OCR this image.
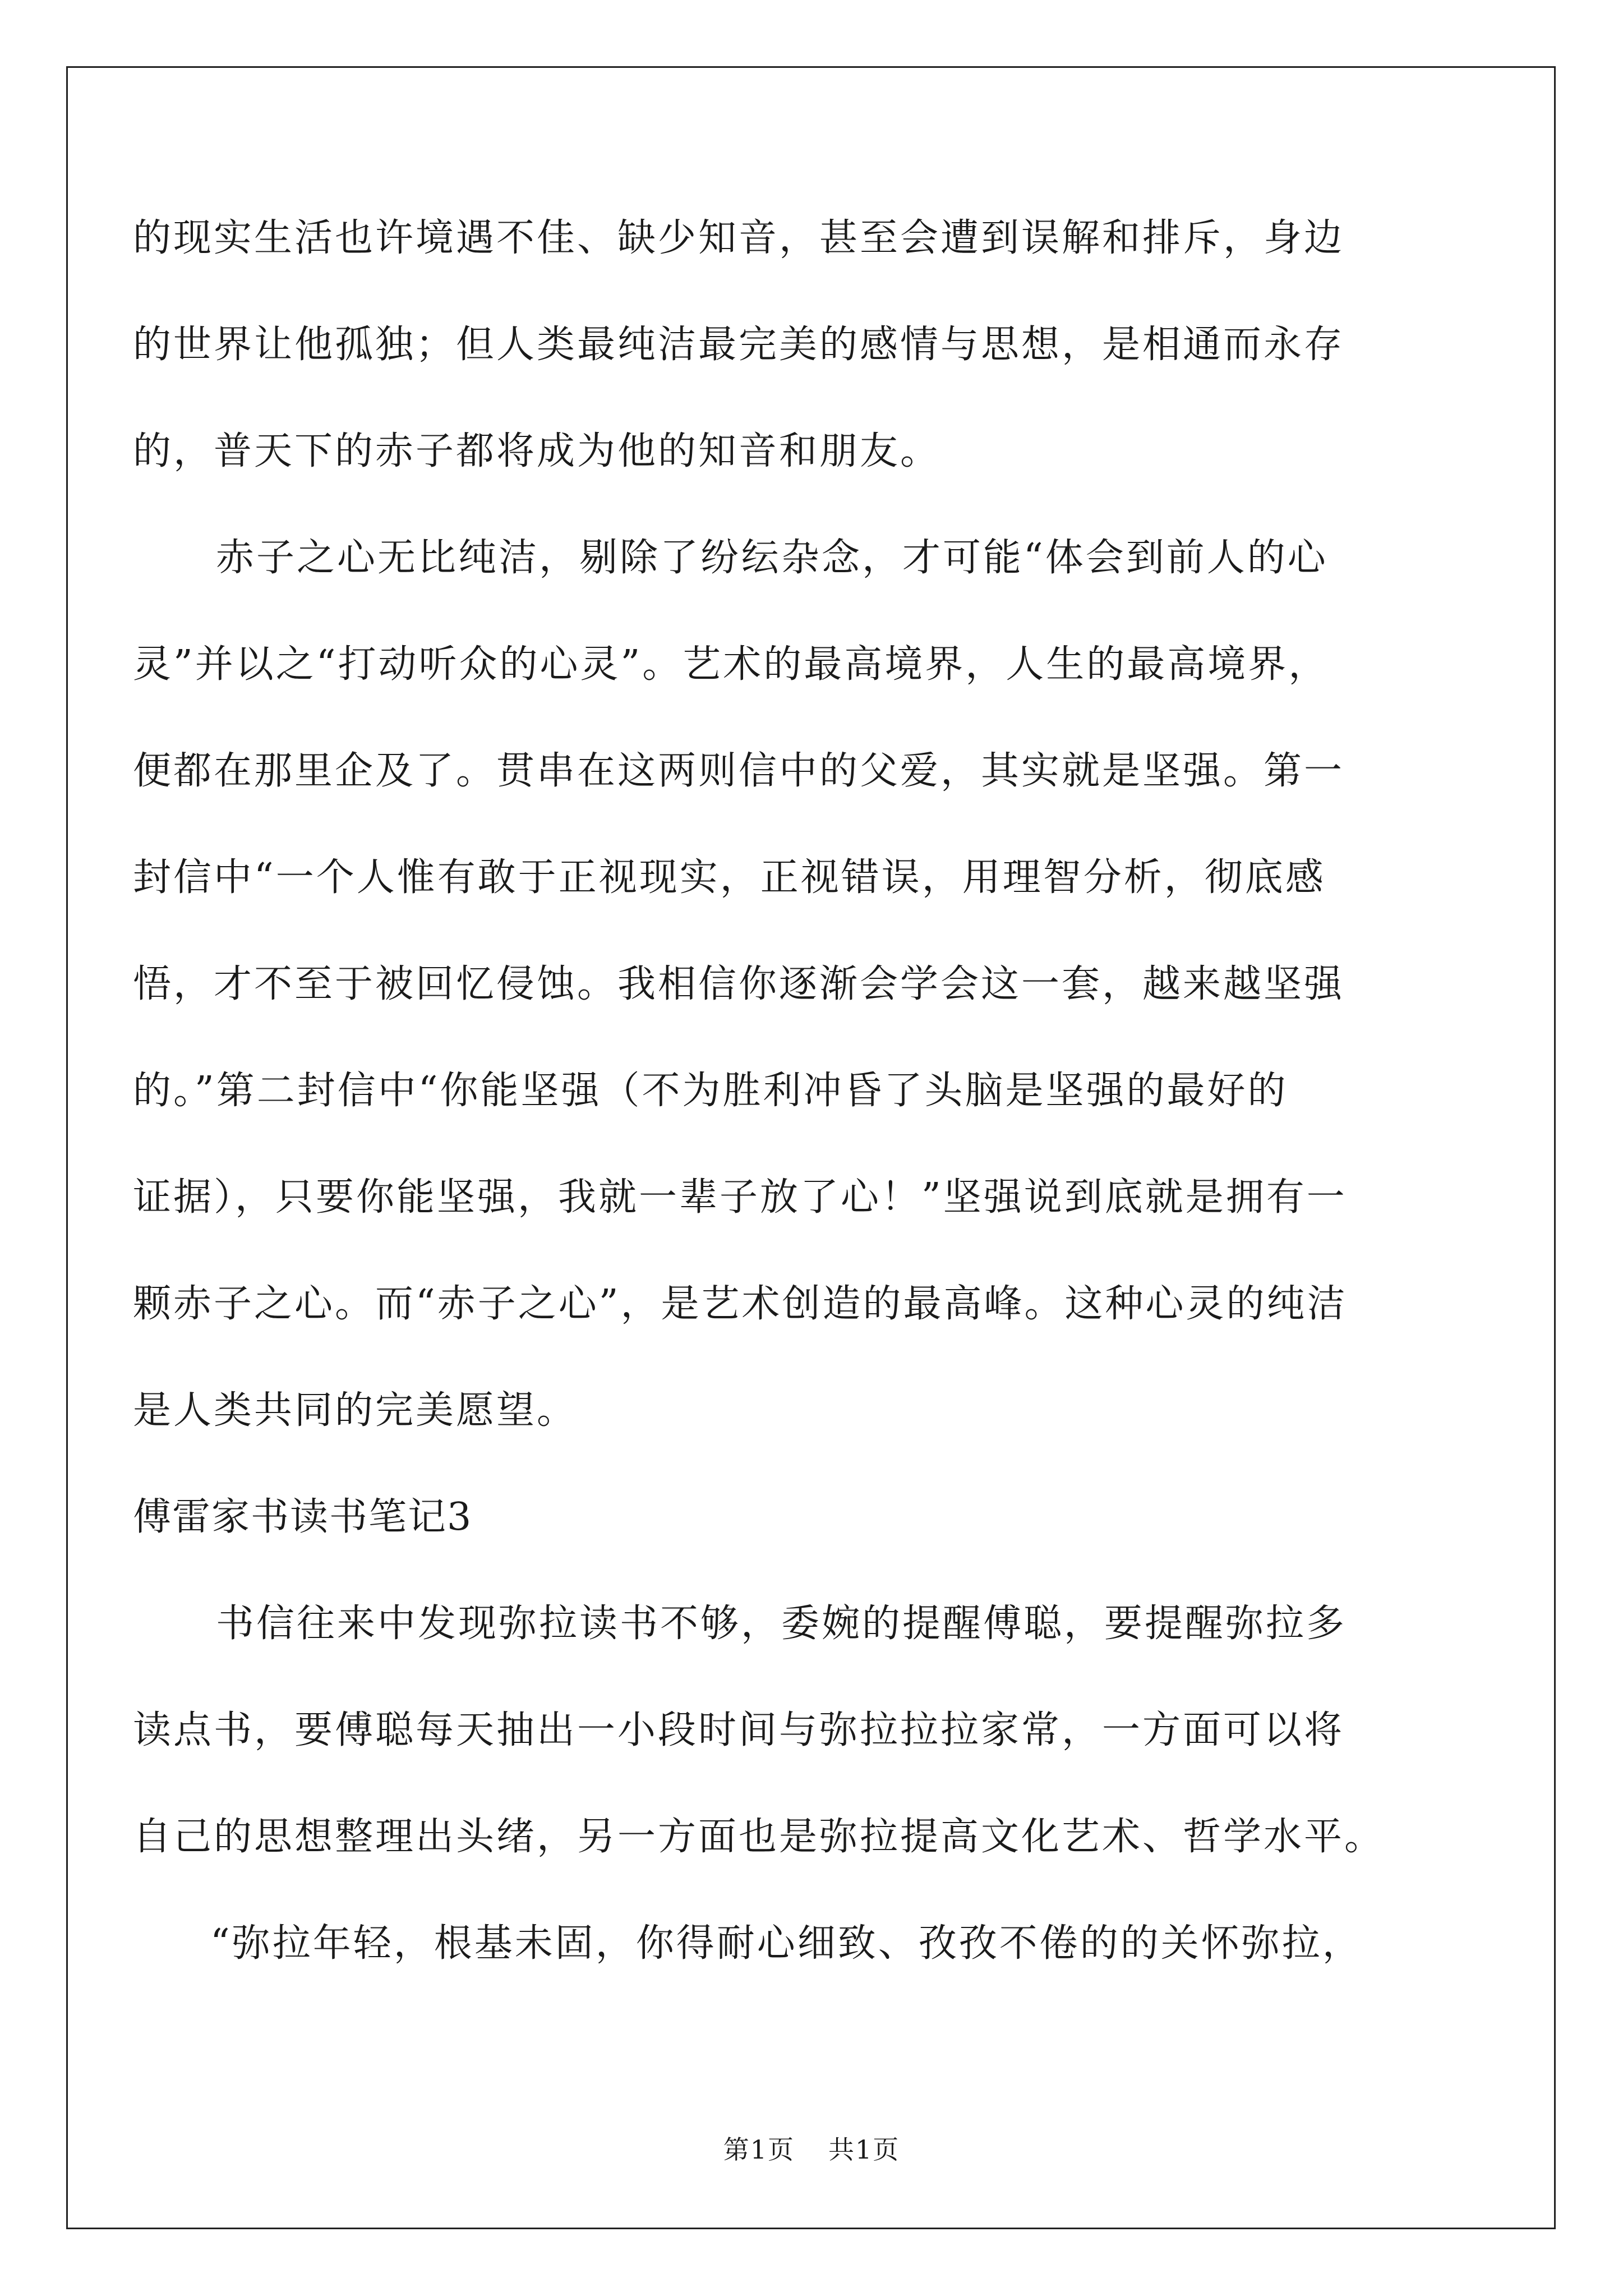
的现实生活也许境遇不佳、缺少知音，甚至会遭到误解和排斥，身边
的世界让他孤独；但人类最纯洁最完美的感情与思想，是相通而永存
的，普天下的赤子都将成为他的知音和朋友。
赤子之心无比纯洁，剔除了纷纭杂念，才可能“体会到前人的心
灵”并以之“打动听众的心灵”。艺术的最高境界，人生的最高境界，
便都在那里企及了。贯串在这两则信中的父爱，其实就是坚强。第一
封信中“一个人惟有敢于正视现实，正视错误，用理智分析，彻底感
悟，才不至于被回忆侵蚀。我相信你逐渐会学会这一套，越来越坚强
的。”第二封信中“你能坚强（不为胜利冲昏了头脑是坚强的最好的
证据），只要你能坚强，我就一辈子放了心！”坚强说到底就是拥有一
颗赤子之心。而“赤子之心”，是艺术创造的最高峰。这种心灵的纯洁
是人类共同的完美愿望。
傅雷家书读书笔记3
书信往来中发现弥拉读书不够，委婉的提醒傅聪，要提醒弥拉多
读点书，要傅聪每天抽出一小段时间与弥拉拉拉家常，一方面可以将
自己的思想整理出头绪，另一方面也是弥拉提高文化艺术、哲学水平。
“弥拉年轻，根基未固，你得耐心细致、孜孜不倦的的关怀弥拉，
第1页 共1页
